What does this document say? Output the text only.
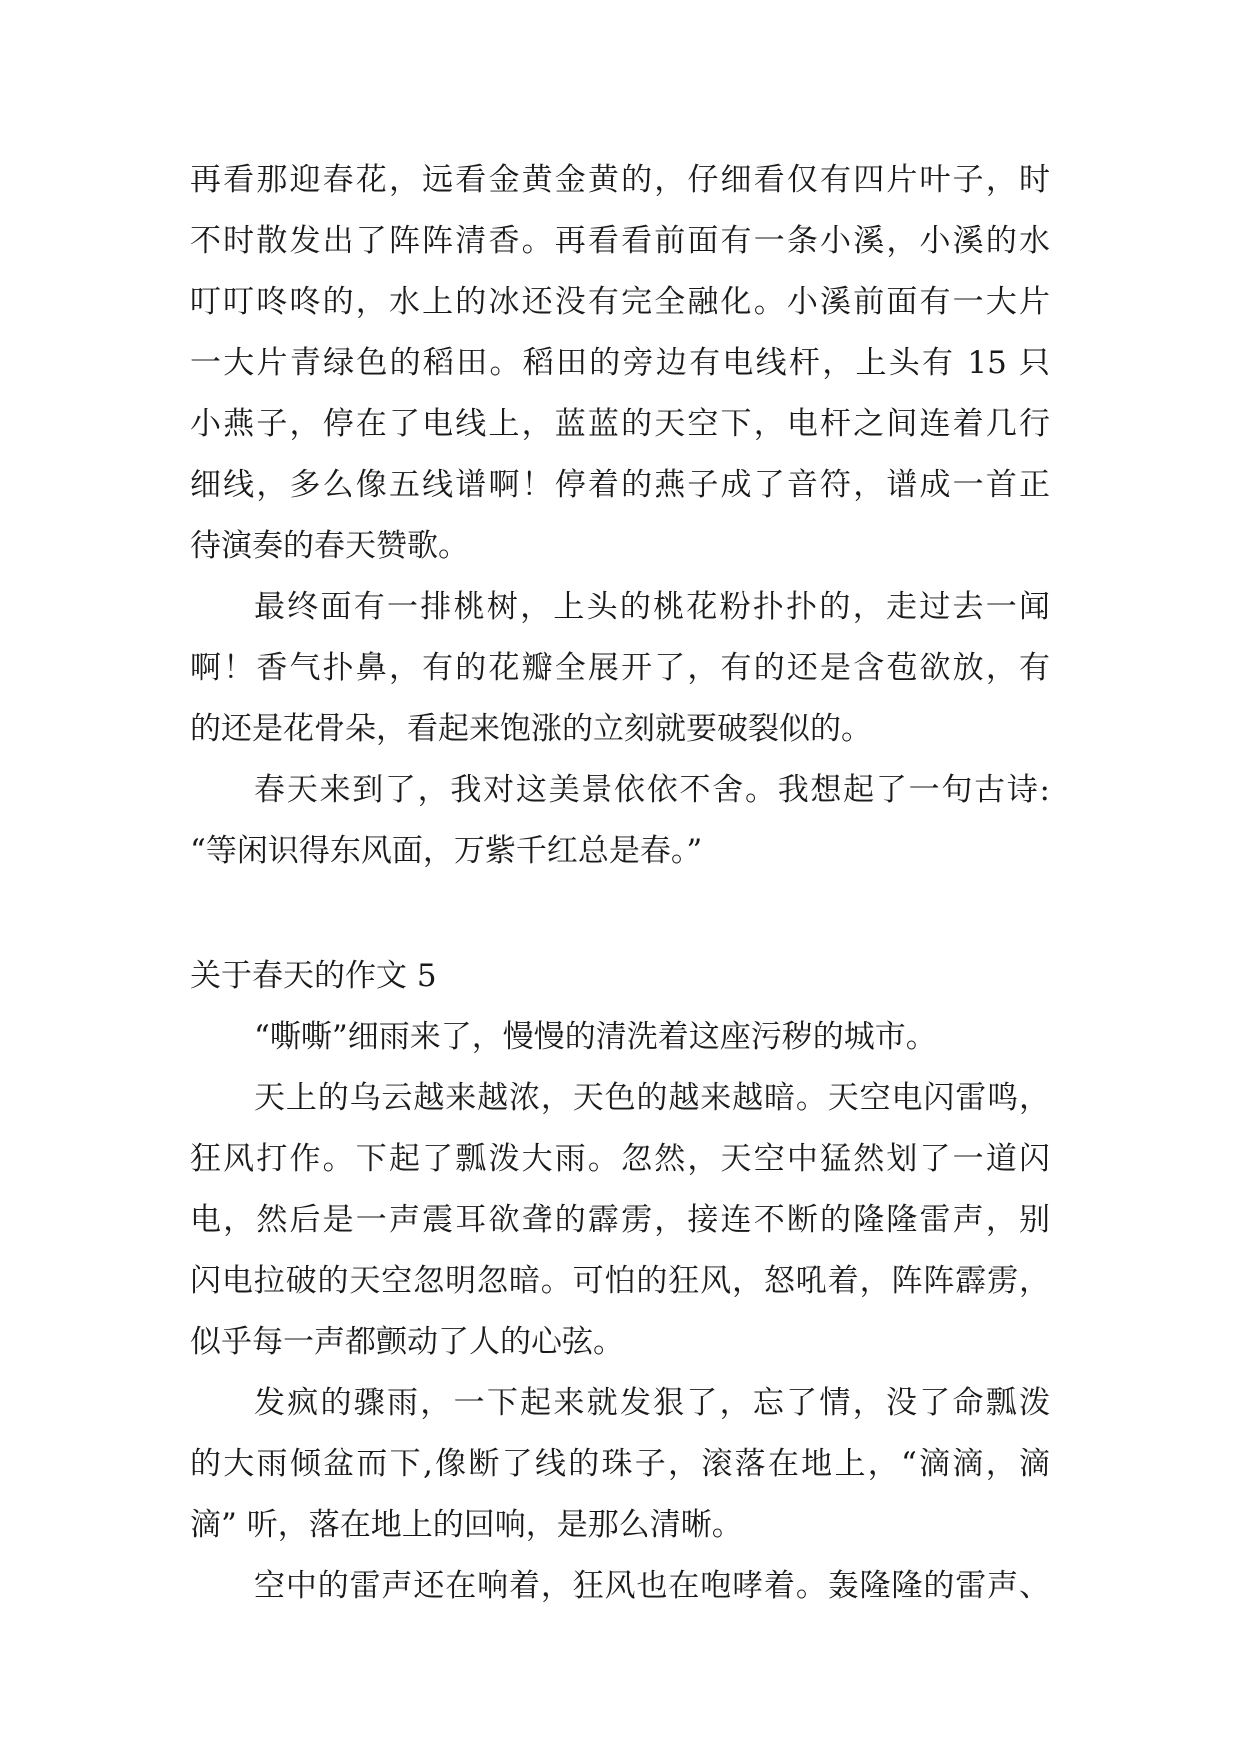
再看那迎春花，远看金黄金黄的，仔细看仅有四片叶子，时
不时散发出了阵阵清香。再看看前面有一条小溪，小溪的水
叮叮咚咚的，水上的冰还没有完全融化。小溪前面有一大片
一大片青绿色的稻田。稻田的旁边有电线杆，上头有 15 只
小燕子，停在了电线上，蓝蓝的天空下，电杆之间连着几行
细线，多么像五线谱啊！停着的燕子成了音符，谱成一首正
待演奏的春天赞歌。
最终面有一排桃树，上头的桃花粉扑扑的，走过去一闻
啊！香气扑鼻，有的花瓣全展开了，有的还是含苞欲放，有
的还是花骨朵，看起来饱涨的立刻就要破裂似的。
春天来到了，我对这美景依依不舍。我想起了一句古诗:
“等闲识得东风面，万紫千红总是春。”
关于春天的作文 5
“嘶嘶”细雨来了，慢慢的清洗着这座污秽的城市。
天上的乌云越来越浓，天色的越来越暗。天空电闪雷鸣，
狂风打作。下起了瓢泼大雨。忽然，天空中猛然划了一道闪
电，然后是一声震耳欲聋的霹雳，接连不断的隆隆雷声，别
闪电拉破的天空忽明忽暗。可怕的狂风，怒吼着，阵阵霹雳，
似乎每一声都颤动了人的心弦。
发疯的骤雨，一下起来就发狠了，忘了情，没了命瓢泼
的大雨倾盆而下,像断了线的珠子，滚落在地上，“滴滴，滴
滴” 听，落在地上的回响，是那么清晰。
空中的雷声还在响着，狂风也在咆哮着。轰隆隆的雷声、
